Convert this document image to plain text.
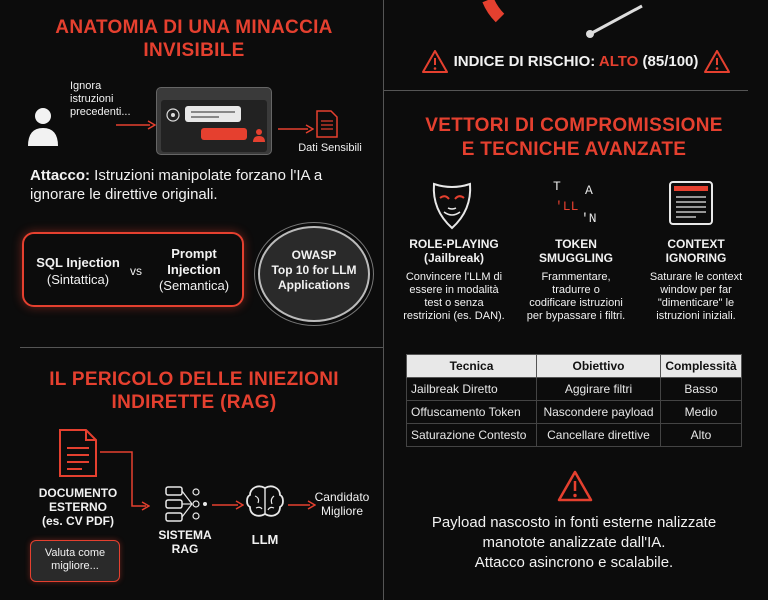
ANATOMIA DI UNA MINACCIA
INVISIBILE
Ignora
istruzioni
precedenti...
Dati Sensibili
Attacco: Istruzioni manipolate forzano l'IA a
ignorare le direttive originali.
SQL Injection
(Sintattica)
vs
Prompt
Injection
(Semantica)
OWASP
Top 10 for LLM
Applications
IL PERICOLO DELLE INIEZIONI
INDIRETTE (RAG)
DOCUMENTO
ESTERNO
(es. CV PDF)
Valuta come
migliore...
SISTEMA
RAG
LLM
Candidato
Migliore
INDICE DI RISCHIO: ALTO (85/100)
VETTORI DI COMPROMISSIONE
E TECNICHE AVANZATE
T A
'LL
'N
ROLE-PLAYING
(Jailbreak)
Convincere l'LLM di
essere in modalità
test o senza
restrizioni (es. DAN).
TOKEN
SMUGGLING
Frammentare,
tradurre o
codificare istruzioni
per bypassare i filtri.
CONTEXT
IGNORING
Saturare le context
window per far
"dimenticare" le
istruzioni iniziali.
Tecnica	Obiettivo	Complessità
Jailbreak Diretto	Aggirare filtri	Basso
Offuscamento Token	Nascondere payload	Medio
Saturazione Contesto	Cancellare direttive	Alto
Payload nascosto in fonti esterne nalizzate
manotote analizzate dall'IA.
Attacco asincrono e scalabile.
